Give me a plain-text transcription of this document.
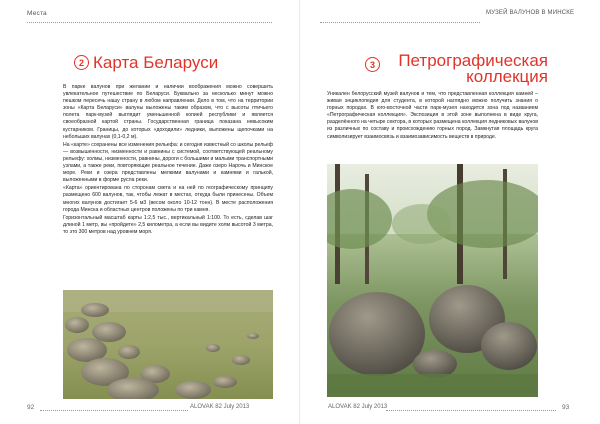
Места
2 Карта Беларуси

В парке валунов при желании и наличии воображения можно совершить увлекательное путешествие по Беларуси. Буквально за несколько минут можно пешком пересечь нашу страну в любом направлении. Дело в том, что на территории зоны «Карта Беларуси» валуны выложены таким образом, что с высоты птичьего полета парк-музей выглядит уменьшенной копией республики и является своеобразной картой страны. Государственная граница показана невысоким кустарником. Границы, до которых «доходили» ледники, выложены щепочками на небольших валунах (0,1-0,2 м).

На «карте» сохранены все изменения рельефа: и сегодня известный со школы рельеф — возвышенности, низменности и равнины с системой, соответствующей реальному рельефу: холмы, низменности, равнины, дороги с большими и малыми транспортными узлами, а также реки, повторяющие реальное течение. Даже озеро Нарочь и Минское море. Реки и озера представлены мелкими валунами и камнями и галькой, выложенными в форме русла реки.

«Карта» ориентирована по сторонам света и на ней по географическому принципу размещено 600 валунов, так, чтобы лежат в местах, откуда были принесены. Объем многих валунов достигает 5-6 м3 (весом около 10-12 тонн). В месте расположения города Минска и областных центров положены по три камня.

Горизонтальный масштаб карты 1:2,5 тыс., вертикальный 1:100. То есть, сделав шаг длиной 1 метр, вы «пройдете» 2,5 километра, а если вы видите холм высотой 3 метра, то это 300 метров над уровнем моря.

92	ALOVAK 82 July 2013
МУЗЕЙ ВАЛУНОВ В МИНСКЕ
3	Петрографическая
коллекция

Уникален белорусский музей валунов и тем, что представленная коллекция камней – живая энциклопедия для студента, в которой наглядно можно получить знания о горных породах. В юго-восточной части парк-музея находится зона под названием «Петрографическая коллекция». Экспозиция в этой зоне выполнена в виде круга, разделённого на четыре сектора, в которых размещена коллекция ледниковых валунов из различных по составу и происхождению горных пород. Замкнутая площадь круга символизирует взаимосвязь и взаимозависимость веществ в природе.

ALOVAK 82 July 2013	93
